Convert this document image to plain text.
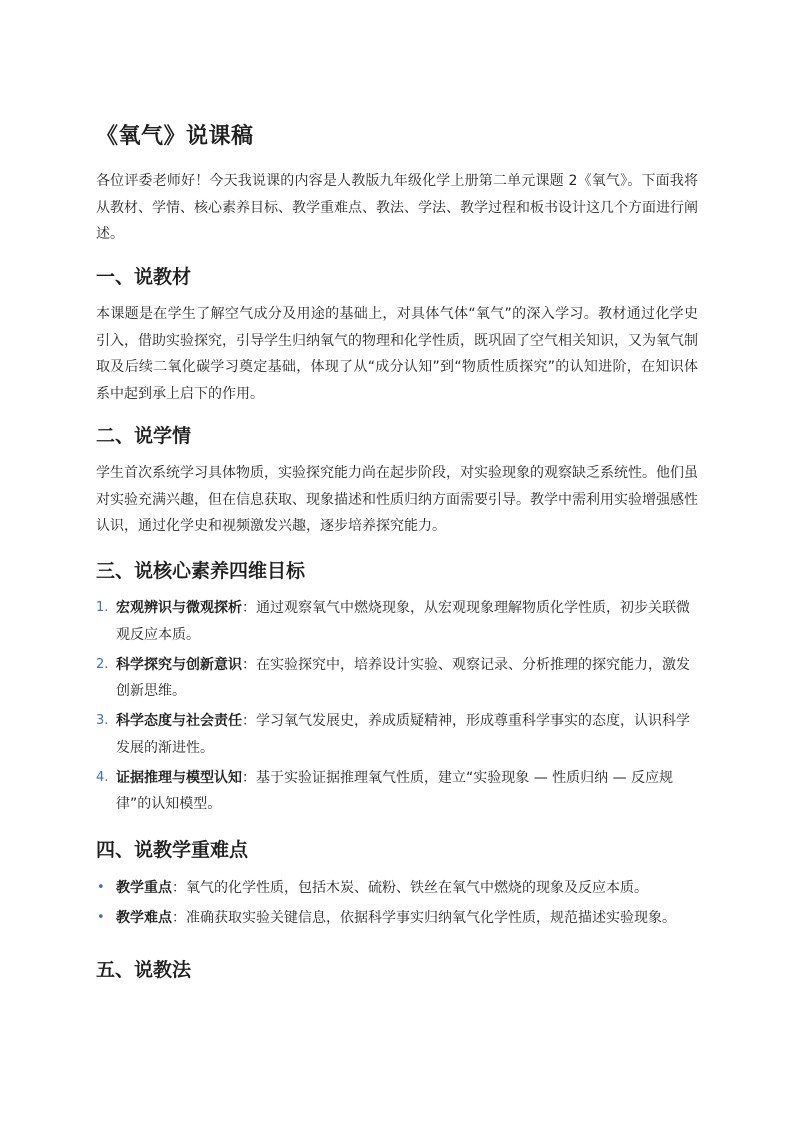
《氧气》说课稿

各位评委老师好！今天我说课的内容是人教版九年级化学上册第二单元课题 2《氧气》。下面我将从教材、学情、核心素养目标、教学重难点、教法、学法、教学过程和板书设计这几个方面进行阐述。

一、说教材

本课题是在学生了解空气成分及用途的基础上，对具体气体“氧气”的深入学习。教材通过化学史引入，借助实验探究，引导学生归纳氧气的物理和化学性质，既巩固了空气相关知识，又为氧气制取及后续二氧化碳学习奠定基础，体现了从“成分认知”到“物质性质探究”的认知进阶，在知识体系中起到承上启下的作用。

二、说学情

学生首次系统学习具体物质，实验探究能力尚在起步阶段，对实验现象的观察缺乏系统性。他们虽对实验充满兴趣，但在信息获取、现象描述和性质归纳方面需要引导。教学中需利用实验增强感性认识，通过化学史和视频激发兴趣，逐步培养探究能力。

三、说核心素养四维目标
1. 宏观辨识与微观探析：通过观察氧气中燃烧现象，从宏观现象理解物质化学性质，初步关联微观反应本质。
2. 科学探究与创新意识：在实验探究中，培养设计实验、观察记录、分析推理的探究能力，激发创新思维。
3. 科学态度与社会责任：学习氧气发展史，养成质疑精神，形成尊重科学事实的态度，认识科学发展的渐进性。
4. 证据推理与模型认知：基于实验证据推理氧气性质，建立“实验现象 — 性质归纳 — 反应规律”的认知模型。
四、说教学重难点
• 教学重点：氧气的化学性质，包括木炭、硫粉、铁丝在氧气中燃烧的现象及反应本质。
• 教学难点：准确获取实验关键信息，依据科学事实归纳氧气化学性质，规范描述实验现象。
五、说教法
